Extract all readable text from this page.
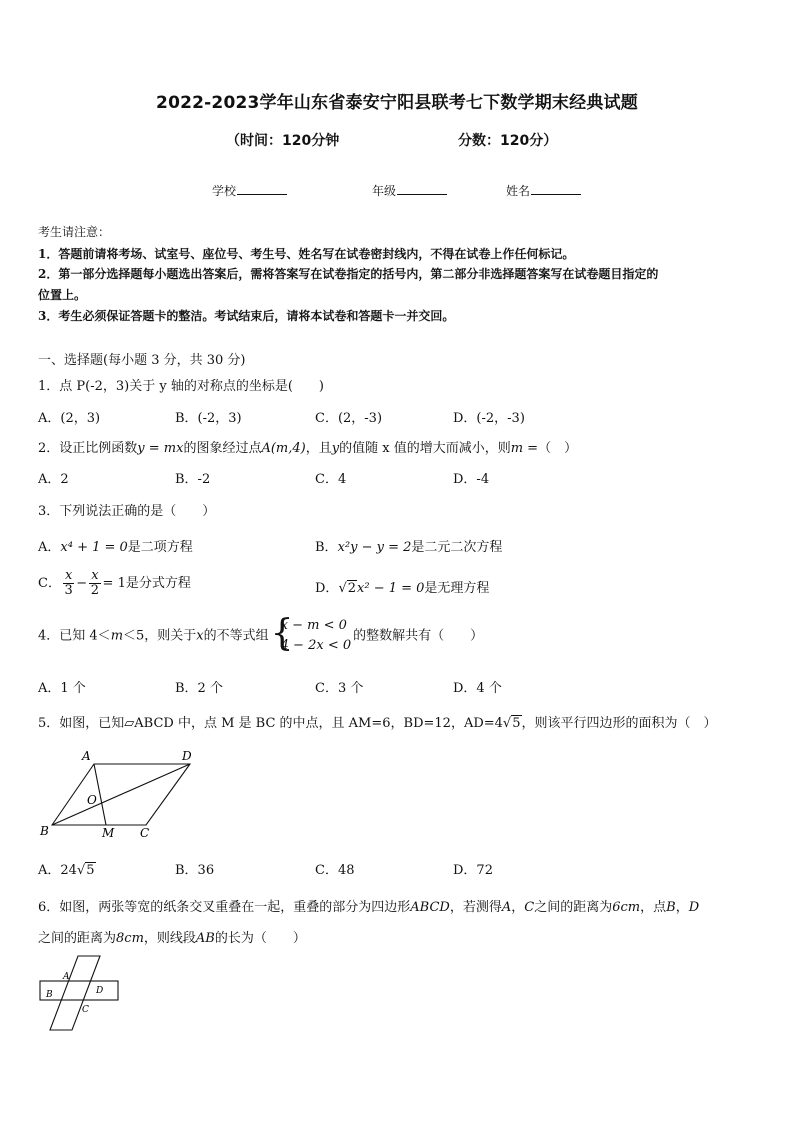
2022-2023学年山东省泰安宁阳县联考七下数学期末经典试题
（时间：120分钟	分数：120分）
学校	年级	姓名
考生请注意：
1．答题前请将考场、试室号、座位号、考生号、姓名写在试卷密封线内，不得在试卷上作任何标记。
2．第一部分选择题每小题选出答案后，需将答案写在试卷指定的括号内，第二部分非选择题答案写在试卷题目指定的
位置上。
3．考生必须保证答题卡的整洁。考试结束后，请将本试卷和答题卡一并交回。
一、选择题(每小题 3 分，共 30 分)
1．点 P(-2，3)关于 y 轴的对称点的坐标是(　　)
A．(2，3)	B．(-2，3)	C．(2，-3)	D．(-2，-3)
2．设正比例函数y = mx的图象经过点A(m,4)，且y的值随 x 值的增大而减小，则m =（　）
A．2	B．-2	C．4	D．-4
3．下列说法正确的是（　　）
A．x⁴ + 1 = 0是二项方程	B．x²y − y = 2是二元二次方程
C． $\frac{x}{3} - \frac{x}{2} = 1$是分式方程	D．√2x² − 1 = 0是无理方程
4．已知 4＜m＜5，则关于x的不等式组 {
x − m < 0
4 − 2x < 0
的整数解共有（　　）
A．1 个	B．2 个	C．3 个	D．4 个
5．如图，已知▱ABCD 中，点 M 是 BC 的中点，且 AM=6，BD=12，AD=4√5，则该平行四边形的面积为（　）
A	D
B	C
O
M
A．24√5	B．36	C．48	D．72
6．如图，两张等宽的纸条交叉重叠在一起，重叠的部分为四边形ABCD，若测得A，C之间的距离为6cm，点B，D
之间的距离为8cm，则线段AB的长为（　　）
A
B	D
C
